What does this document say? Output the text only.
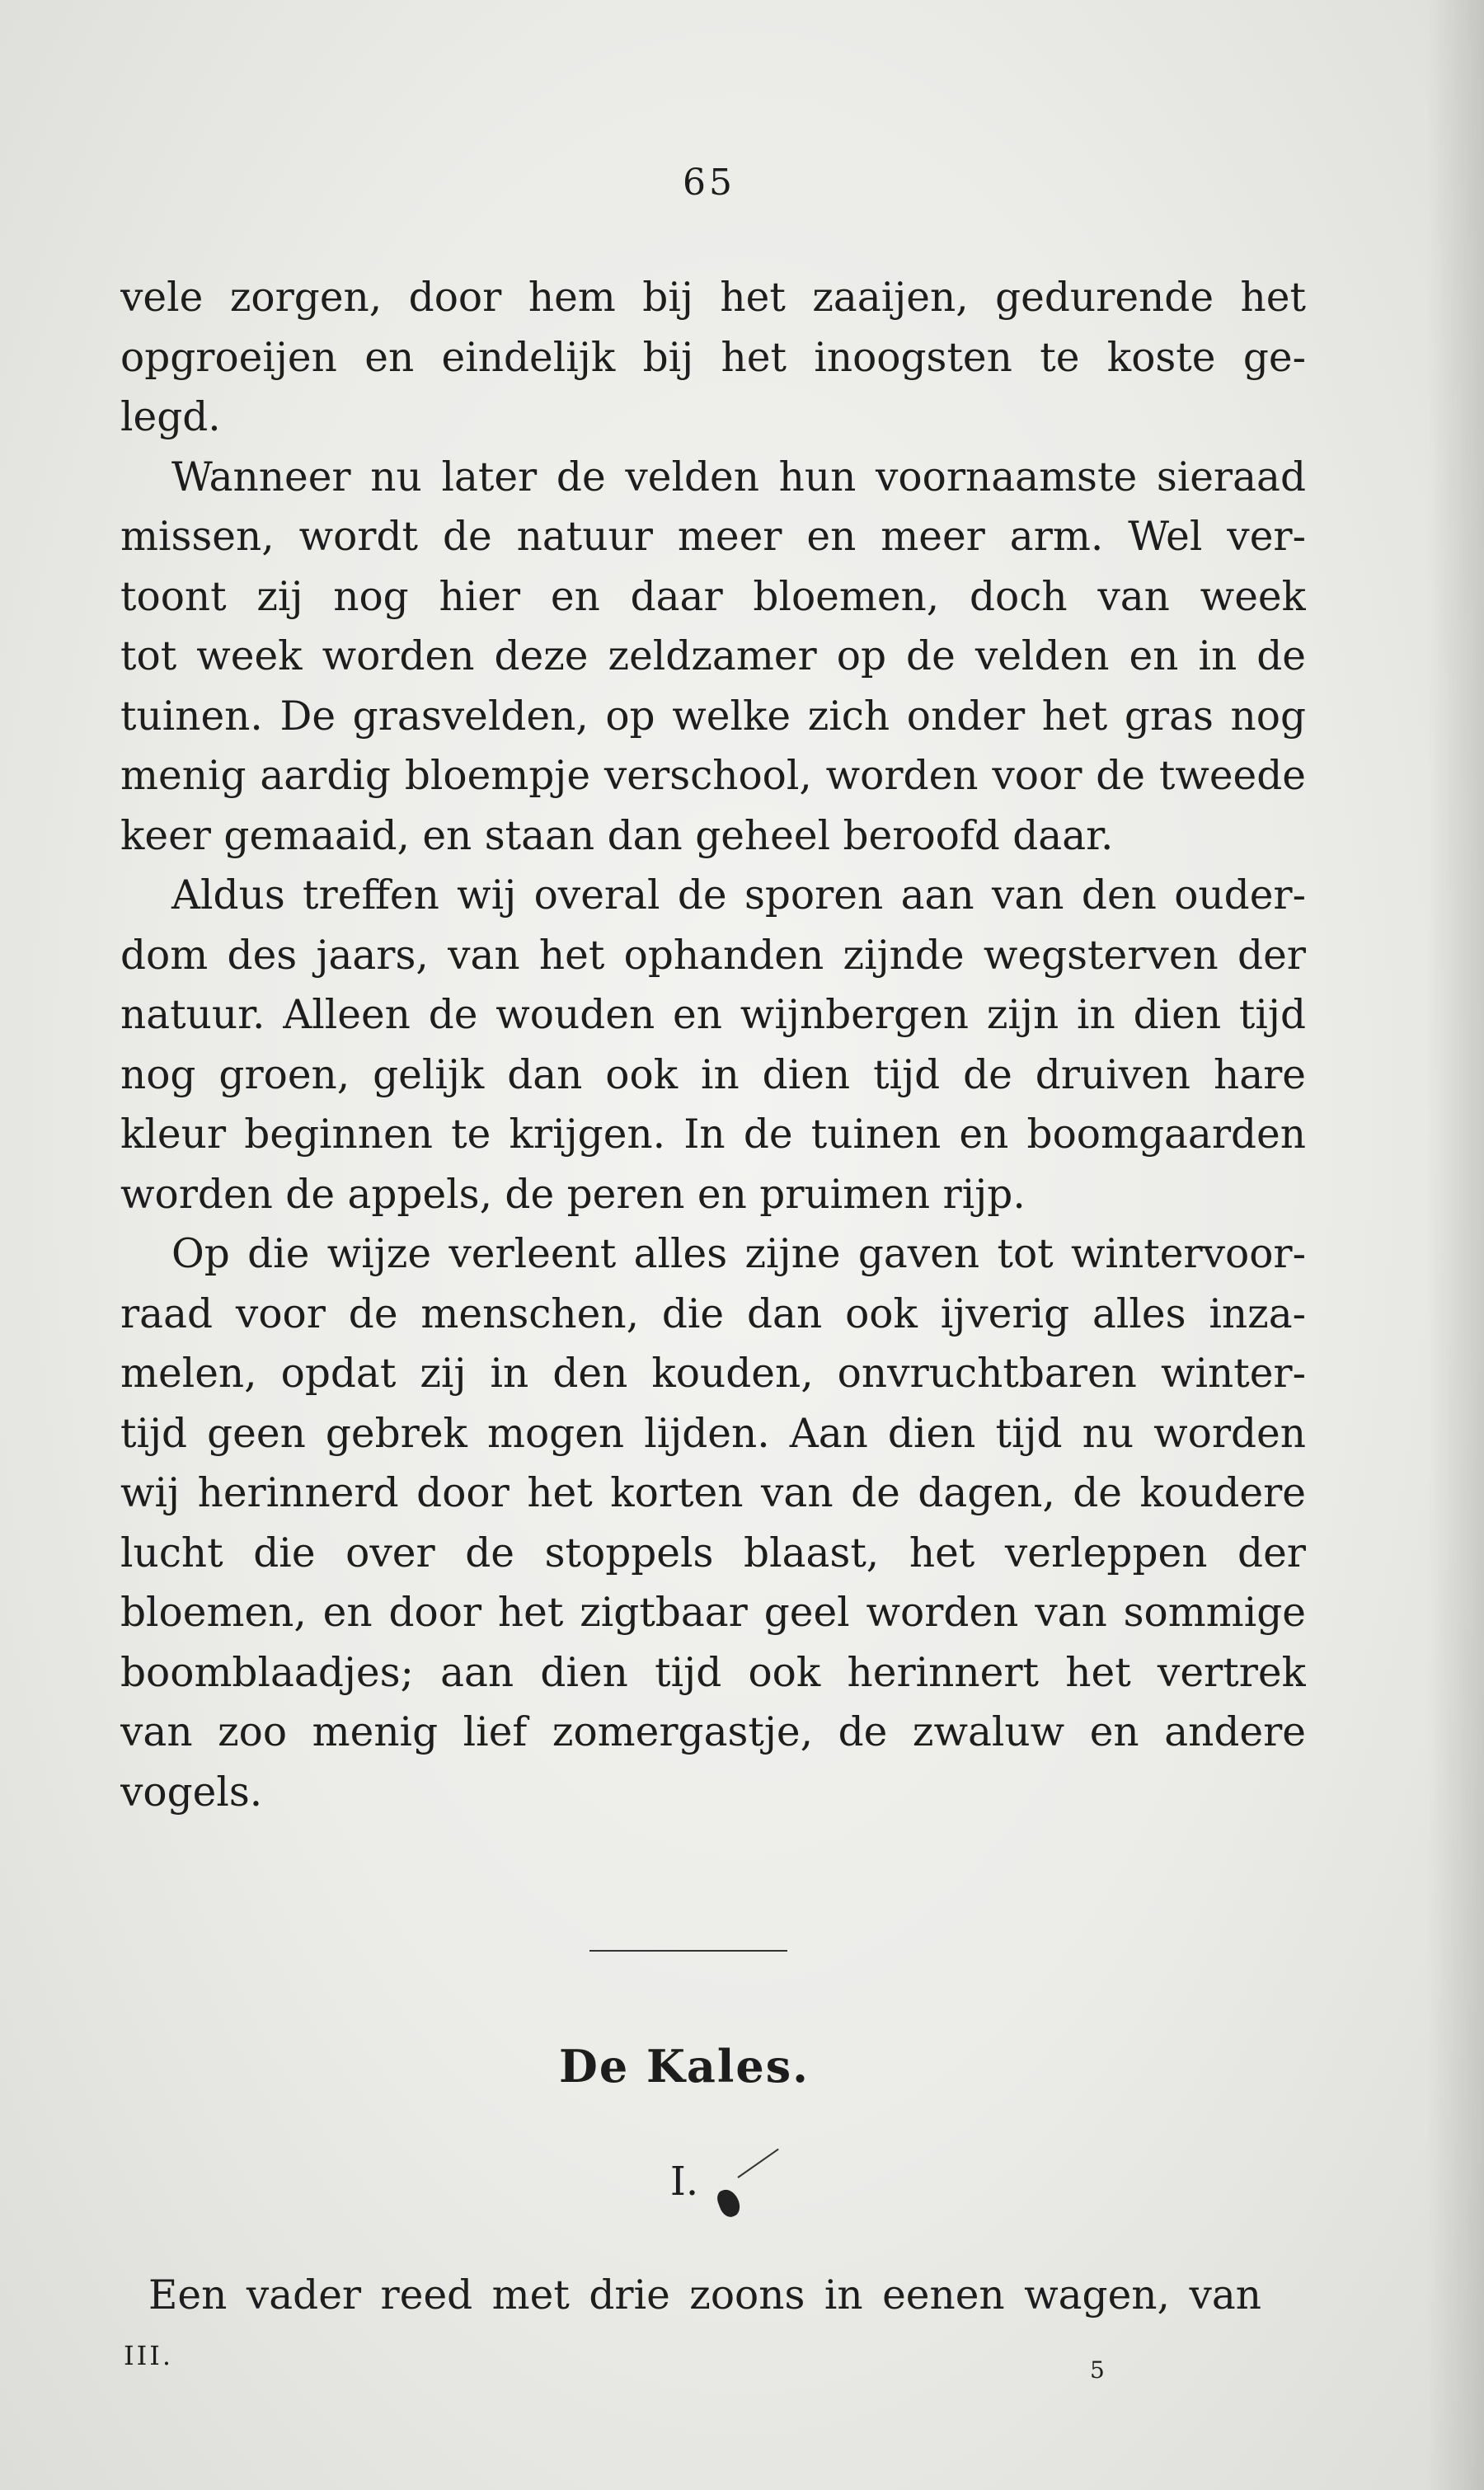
65
vele zorgen, door hem bij het zaaijen, gedurende het
opgroeijen en eindelijk bij het inoogsten te koste ge-
legd.
Wanneer nu later de velden hun voornaamste sieraad
missen, wordt de natuur meer en meer arm. Wel ver-
toont zij nog hier en daar bloemen, doch van week
tot week worden deze zeldzamer op de velden en in de
tuinen. De grasvelden, op welke zich onder het gras nog
menig aardig bloempje verschool, worden voor de tweede
keer gemaaid, en staan dan geheel beroofd daar.
Aldus treffen wij overal de sporen aan van den ouder-
dom des jaars, van het ophanden zijnde wegsterven der
natuur. Alleen de wouden en wijnbergen zijn in dien tijd
nog groen, gelijk dan ook in dien tijd de druiven hare
kleur beginnen te krijgen. In de tuinen en boomgaarden
worden de appels, de peren en pruimen rijp.
Op die wijze verleent alles zijne gaven tot wintervoor-
raad voor de menschen, die dan ook ijverig alles inza-
melen, opdat zij in den kouden, onvruchtbaren winter-
tijd geen gebrek mogen lijden. Aan dien tijd nu worden
wij herinnerd door het korten van de dagen, de koudere
lucht die over de stoppels blaast, het verleppen der
bloemen, en door het zigtbaar geel worden van sommige
boomblaadjes; aan dien tijd ook herinnert het vertrek
van zoo menig lief zomergastje, de zwaluw en andere
vogels.
De Kales.
I.
Een vader reed met drie zoons in eenen wagen, van
III.	5
